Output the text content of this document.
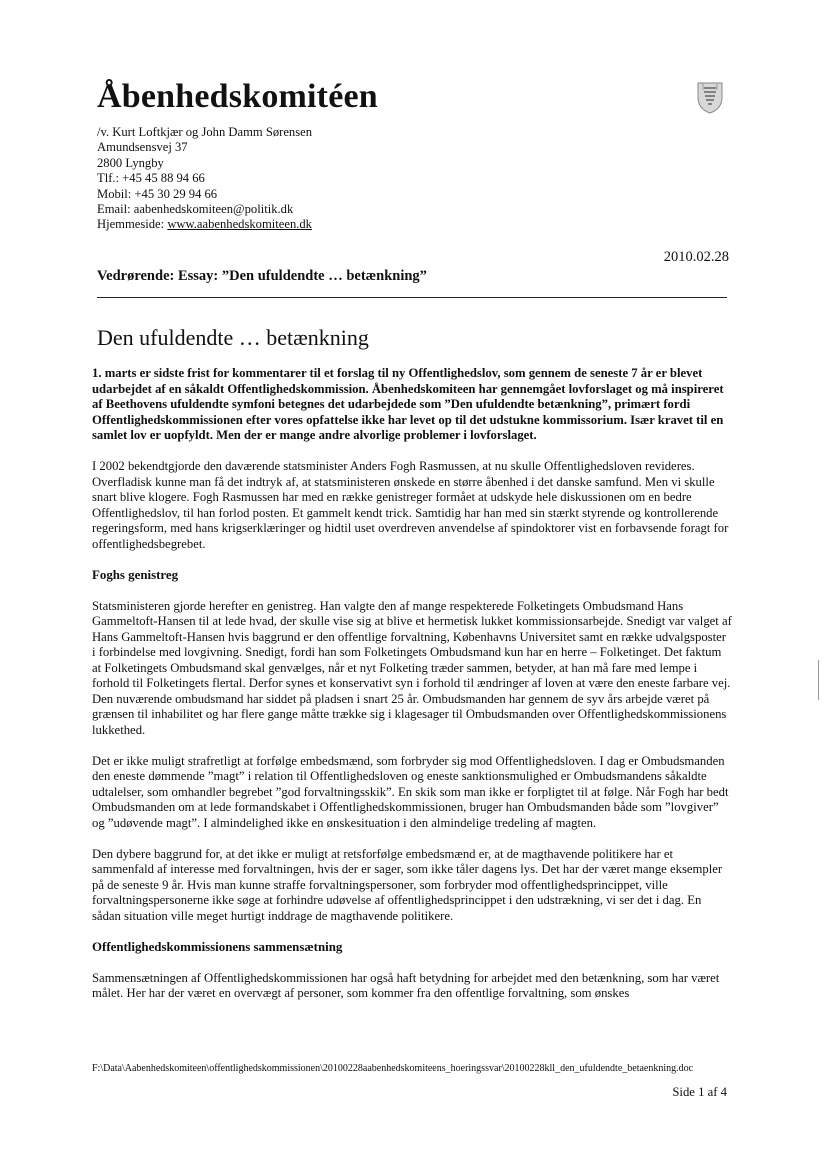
Åbenhedskomitéen
/v. Kurt Loftkjær og John Damm Sørensen
Amundsensvej 37
2800 Lyngby
Tlf.: +45 45 88 94 66
Mobil: +45 30 29 94 66
Email: aabenhedskomiteen@politik.dk
Hjemmeside: www.aabenhedskomiteen.dk
2010.02.28
Vedrørende: Essay: ”Den ufuldendte … betænkning”
Den ufuldendte … betænkning

1. marts er sidste frist for kommentarer til et forslag til ny Offentlighedslov, som gennem de seneste 7 år er blevet udarbejdet af en såkaldt Offentlighedskommission. Åbenhedskomiteen har gennemgået lovforslaget og må inspireret af Beethovens ufuldendte symfoni betegnes det udarbejdede som ”Den ufuldendte betænkning”, primært fordi Offentlighedskommissionen efter vores opfattelse ikke har levet op til det udstukne kommissorium. Især kravet til en samlet lov er uopfyldt. Men der er mange andre alvorlige problemer i lovforslaget.

I 2002 bekendtgjorde den daværende statsminister Anders Fogh Rasmussen, at nu skulle Offentlighedsloven revideres. Overfladisk kunne man få det indtryk af, at statsministeren ønskede en større åbenhed i det danske samfund. Men vi skulle snart blive klogere. Fogh Rasmussen har med en række genistreger formået at udskyde hele diskussionen om en bedre Offentlighedslov, til han forlod posten. Et gammelt kendt trick. Samtidig har han med sin stærkt styrende og kontrollerende regeringsform, med hans krigserklæringer og hidtil uset overdreven anvendelse af spindoktorer vist en forbavsende foragt for offentlighedsbegrebet.

Foghs genistreg

Statsministeren gjorde herefter en genistreg. Han valgte den af mange respekterede Folketingets Ombudsmand Hans Gammeltoft-Hansen til at lede hvad, der skulle vise sig at blive et hermetisk lukket kommissionsarbejde. Snedigt var valget af Hans Gammeltoft-Hansen hvis baggrund er den offentlige forvaltning, Københavns Universitet samt en række udvalgsposter i forbindelse med lovgivning. Snedigt, fordi han som Folketingets Ombudsmand kun har en herre – Folketinget. Det faktum at Folketingets Ombudsmand skal genvælges, når et nyt Folketing træder sammen, betyder, at han må fare med lempe i forhold til Folketingets flertal. Derfor synes et konservativt syn i forhold til ændringer af loven at være den eneste farbare vej. Den nuværende ombudsmand har siddet på pladsen i snart 25 år. Ombudsmanden har gennem de syv års arbejde været på grænsen til inhabilitet og har flere gange måtte trække sig i klagesager til Ombudsmanden over Offentlighedskommissionens lukkethed.

Det er ikke muligt strafretligt at forfølge embedsmænd, som forbryder sig mod Offentlighedsloven. I dag er Ombudsmanden den eneste dømmende ”magt” i relation til Offentlighedsloven og eneste sanktionsmulighed er Ombudsmandens såkaldte udtalelser, som omhandler begrebet ”god forvaltningsskik”. En skik som man ikke er forpligtet til at følge. Når Fogh har bedt Ombudsmanden om at lede formandskabet i Offentlighedskommissionen, bruger han Ombudsmanden både som ”lovgiver” og ”udøvende magt”. I almindelighed ikke en ønskesituation i den almindelige tredeling af magten.

Den dybere baggrund for, at det ikke er muligt at retsforfølge embedsmænd er, at de magthavende politikere har et sammenfald af interesse med forvaltningen, hvis der er sager, som ikke tåler dagens lys. Det har der været mange eksempler på de seneste 9 år. Hvis man kunne straffe forvaltningspersoner, som forbryder mod offentlighedsprincippet, ville forvaltningspersonerne ikke søge at forhindre udøvelse af offentlighedsprincippet i den udstrækning, vi ser det i dag. En sådan situation ville meget hurtigt inddrage de magthavende politikere.

Offentlighedskommissionens sammensætning

Sammensætningen af Offentlighedskommissionen har også haft betydning for arbejdet med den betænkning, som har været målet. Her har der været en overvægt af personer, som kommer fra den offentlige forvaltning, som ønskes

F:\Data\Aabenhedskomiteen\offentlighedskommissionen\20100228aabenhedskomiteens_hoeringssvar\20100228kll_den_ufuldendte_betaenkning.doc
Side 1 af 4
